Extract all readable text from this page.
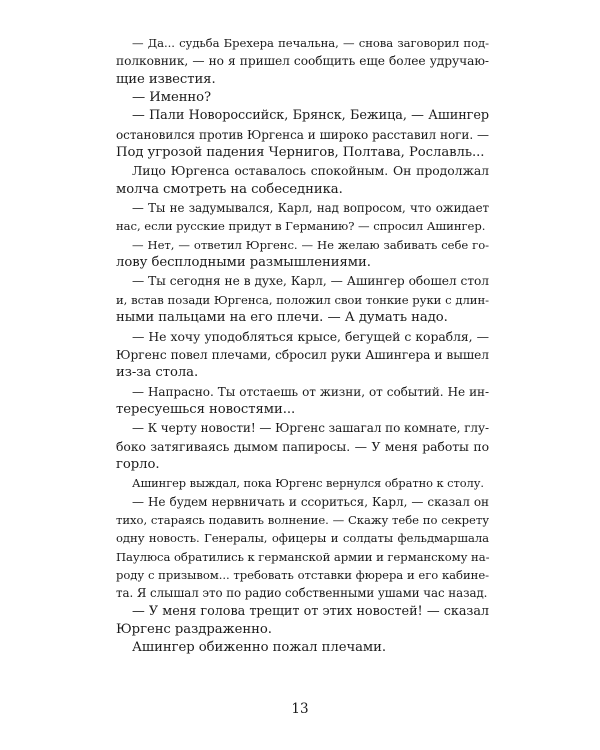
— Да... судьба Брехера печальна, — снова заговорил под-
полковник, — но я пришел сообщить еще более удручаю-
щие известия.
— Именно?
— Пали Новороссийск, Брянск, Бежица, — Ашингер
остановился против Юргенса и широко расставил ноги. —
Под угрозой падения Чернигов, Полтава, Рославль...
Лицо Юргенса оставалось спокойным. Он продолжал
молча смотреть на собеседника.
— Ты не задумывался, Карл, над вопросом, что ожидает
нас, если русские придут в Германию? — спросил Ашингер.
— Нет, — ответил Юргенс. — Не желаю забивать себе го-
лову бесплодными размышлениями.
— Ты сегодня не в духе, Карл, — Ашингер обошел стол
и, встав позади Юргенса, положил свои тонкие руки с длин-
ными пальцами на его плечи. — А думать надо.
— Не хочу уподобляться крысе, бегущей с корабля, —
Юргенс повел плечами, сбросил руки Ашингера и вышел
из-за стола.
— Напрасно. Ты отстаешь от жизни, от событий. Не ин-
тересуешься новостями...
— К черту новости! — Юргенс зашагал по комнате, глу-
боко затягиваясь дымом папиросы. — У меня работы по
горло.
Ашингер выждал, пока Юргенс вернулся обратно к столу.
— Не будем нервничать и ссориться, Карл, — сказал он
тихо, стараясь подавить волнение. — Скажу тебе по секрету
одну новость. Генералы, офицеры и солдаты фельдмаршала
Паулюса обратились к германской армии и германскому на-
роду с призывом... требовать отставки фюрера и его кабине-
та. Я слышал это по радио собственными ушами час назад.
— У меня голова трещит от этих новостей! — сказал
Юргенс раздраженно.
Ашингер обиженно пожал плечами.
13
